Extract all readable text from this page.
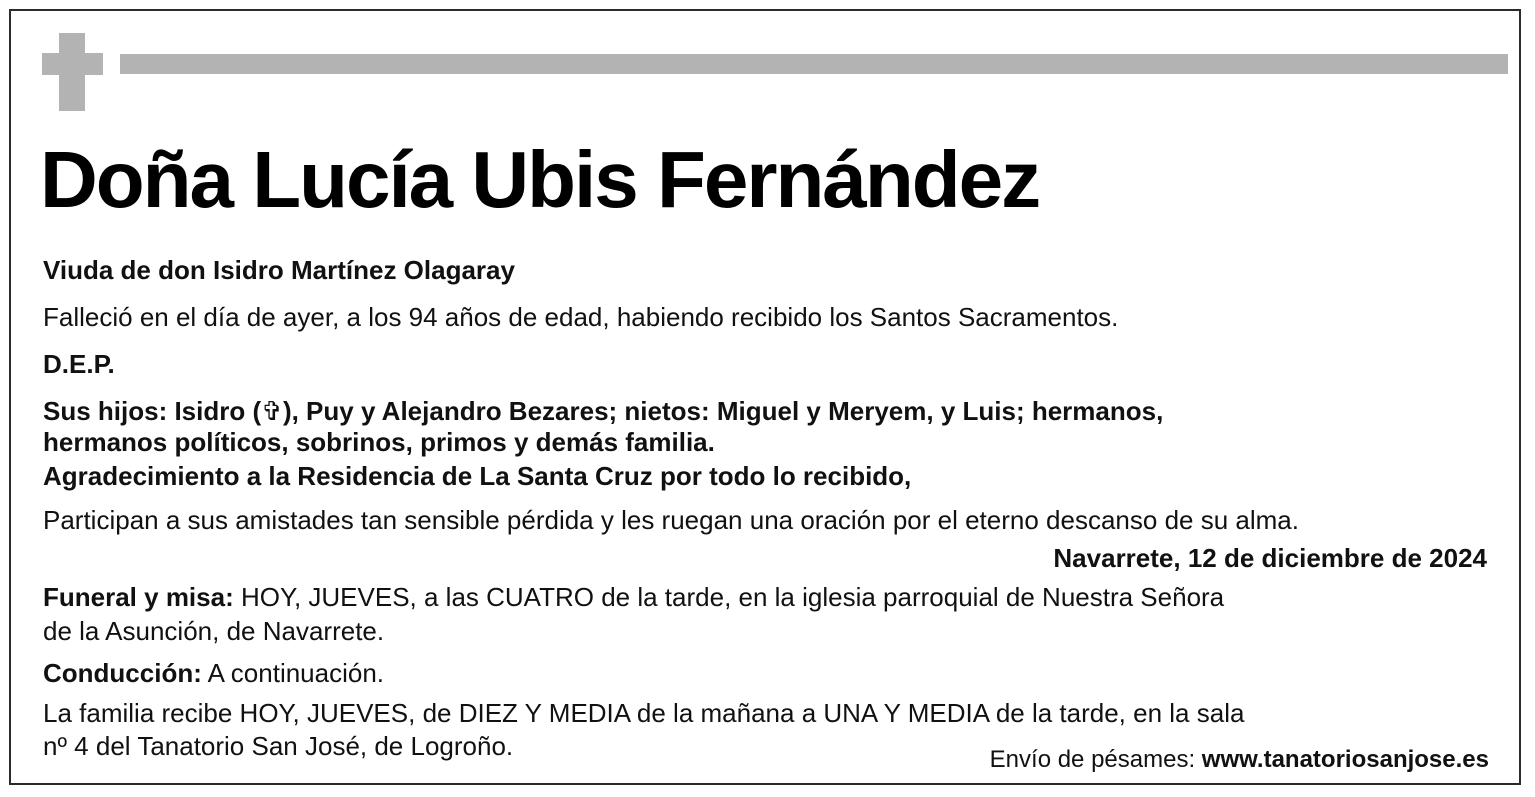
Doña Lucía Ubis Fernández
Viuda de don Isidro Martínez Olagaray
Falleció en el día de ayer, a los 94 años de edad, habiendo recibido los Santos Sacramentos.
D.E.P.
Sus hijos: Isidro (✞), Puy y Alejandro Bezares; nietos: Miguel y Meryem, y Luis; hermanos,
hermanos políticos, sobrinos, primos y demás familia.
Agradecimiento a la Residencia de La Santa Cruz por todo lo recibido,
Participan a sus amistades tan sensible pérdida y les ruegan una oración por el eterno descanso de su alma.
Navarrete, 12 de diciembre de 2024
Funeral y misa: HOY, JUEVES, a las CUATRO de la tarde, en la iglesia parroquial de Nuestra Señora
de la Asunción, de Navarrete.
Conducción: A continuación.
La familia recibe HOY, JUEVES, de DIEZ Y MEDIA de la mañana a UNA Y MEDIA de la tarde, en la sala
nº 4 del Tanatorio San José, de Logroño.	Envío de pésames: www.tanatoriosanjose.es
